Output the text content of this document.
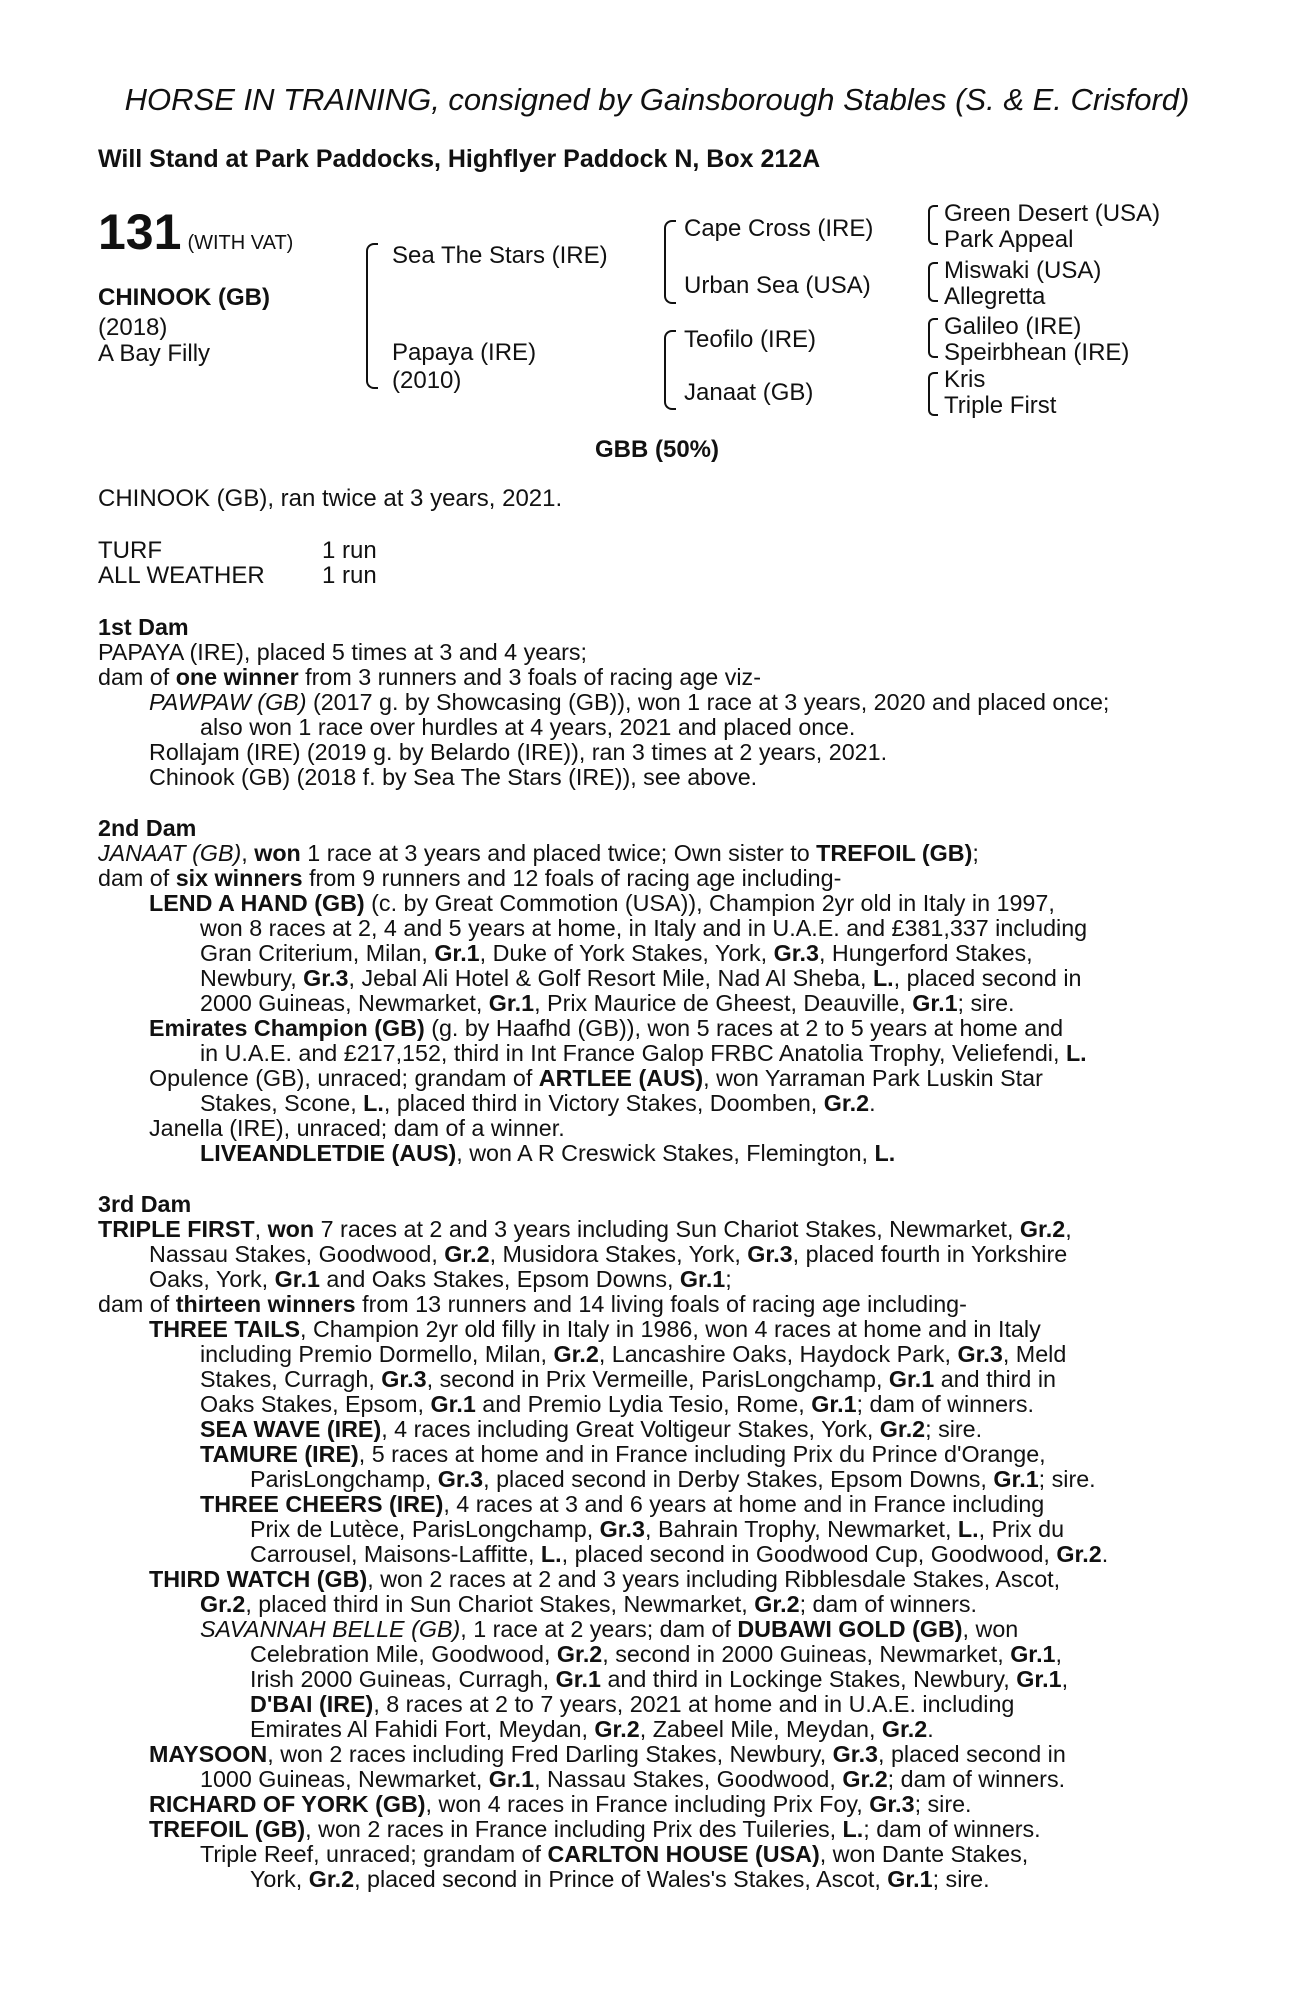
HORSE IN TRAINING, consigned by Gainsborough Stables (S. & E. Crisford)
Will Stand at Park Paddocks, Highflyer Paddock N, Box 212A
131 (WITH VAT)
CHINOOK (GB)
(2018)
A Bay Filly
Sea The Stars (IRE)
Papaya (IRE)
(2010)
Cape Cross (IRE)
Urban Sea (USA)
Teofilo (IRE)
Janaat (GB)
Green Desert (USA)
Park Appeal
Miswaki (USA)
Allegretta
Galileo (IRE)
Speirbhean (IRE)
Kris
Triple First
GBB (50%)
CHINOOK (GB), ran twice at 3 years, 2021.
TURF	1 run
ALL WEATHER 1 run
1st Dam
PAPAYA (IRE), placed 5 times at 3 and 4 years;
dam of one winner from 3 runners and 3 foals of racing age viz-
PAWPAW (GB) (2017 g. by Showcasing (GB)), won 1 race at 3 years, 2020 and placed once;
also won 1 race over hurdles at 4 years, 2021 and placed once.
Rollajam (IRE) (2019 g. by Belardo (IRE)), ran 3 times at 2 years, 2021.
Chinook (GB) (2018 f. by Sea The Stars (IRE)), see above.
2nd Dam
JANAAT (GB), won 1 race at 3 years and placed twice; Own sister to TREFOIL (GB);
dam of six winners from 9 runners and 12 foals of racing age including-
LEND A HAND (GB) (c. by Great Commotion (USA)), Champion 2yr old in Italy in 1997,
won 8 races at 2, 4 and 5 years at home, in Italy and in U.A.E. and £381,337 including
Gran Criterium, Milan, Gr.1, Duke of York Stakes, York, Gr.3, Hungerford Stakes,
Newbury, Gr.3, Jebal Ali Hotel & Golf Resort Mile, Nad Al Sheba, L., placed second in
2000 Guineas, Newmarket, Gr.1, Prix Maurice de Gheest, Deauville, Gr.1; sire.
Emirates Champion (GB) (g. by Haafhd (GB)), won 5 races at 2 to 5 years at home and
in U.A.E. and £217,152, third in Int France Galop FRBC Anatolia Trophy, Veliefendi, L.
Opulence (GB), unraced; grandam of ARTLEE (AUS), won Yarraman Park Luskin Star
Stakes, Scone, L., placed third in Victory Stakes, Doomben, Gr.2.
Janella (IRE), unraced; dam of a winner.
LIVEANDLETDIE (AUS), won A R Creswick Stakes, Flemington, L.
3rd Dam
TRIPLE FIRST, won 7 races at 2 and 3 years including Sun Chariot Stakes, Newmarket, Gr.2,
Nassau Stakes, Goodwood, Gr.2, Musidora Stakes, York, Gr.3, placed fourth in Yorkshire
Oaks, York, Gr.1 and Oaks Stakes, Epsom Downs, Gr.1;
dam of thirteen winners from 13 runners and 14 living foals of racing age including-
THREE TAILS, Champion 2yr old filly in Italy in 1986, won 4 races at home and in Italy
including Premio Dormello, Milan, Gr.2, Lancashire Oaks, Haydock Park, Gr.3, Meld
Stakes, Curragh, Gr.3, second in Prix Vermeille, ParisLongchamp, Gr.1 and third in
Oaks Stakes, Epsom, Gr.1 and Premio Lydia Tesio, Rome, Gr.1; dam of winners.
SEA WAVE (IRE), 4 races including Great Voltigeur Stakes, York, Gr.2; sire.
TAMURE (IRE), 5 races at home and in France including Prix du Prince d'Orange,
ParisLongchamp, Gr.3, placed second in Derby Stakes, Epsom Downs, Gr.1; sire.
THREE CHEERS (IRE), 4 races at 3 and 6 years at home and in France including
Prix de Lutèce, ParisLongchamp, Gr.3, Bahrain Trophy, Newmarket, L., Prix du
Carrousel, Maisons-Laffitte, L., placed second in Goodwood Cup, Goodwood, Gr.2.
THIRD WATCH (GB), won 2 races at 2 and 3 years including Ribblesdale Stakes, Ascot,
Gr.2, placed third in Sun Chariot Stakes, Newmarket, Gr.2; dam of winners.
SAVANNAH BELLE (GB), 1 race at 2 years; dam of DUBAWI GOLD (GB), won
Celebration Mile, Goodwood, Gr.2, second in 2000 Guineas, Newmarket, Gr.1,
Irish 2000 Guineas, Curragh, Gr.1 and third in Lockinge Stakes, Newbury, Gr.1,
D'BAI (IRE), 8 races at 2 to 7 years, 2021 at home and in U.A.E. including
Emirates Al Fahidi Fort, Meydan, Gr.2, Zabeel Mile, Meydan, Gr.2.
MAYSOON, won 2 races including Fred Darling Stakes, Newbury, Gr.3, placed second in
1000 Guineas, Newmarket, Gr.1, Nassau Stakes, Goodwood, Gr.2; dam of winners.
RICHARD OF YORK (GB), won 4 races in France including Prix Foy, Gr.3; sire.
TREFOIL (GB), won 2 races in France including Prix des Tuileries, L.; dam of winners.
Triple Reef, unraced; grandam of CARLTON HOUSE (USA), won Dante Stakes,
York, Gr.2, placed second in Prince of Wales's Stakes, Ascot, Gr.1; sire.
